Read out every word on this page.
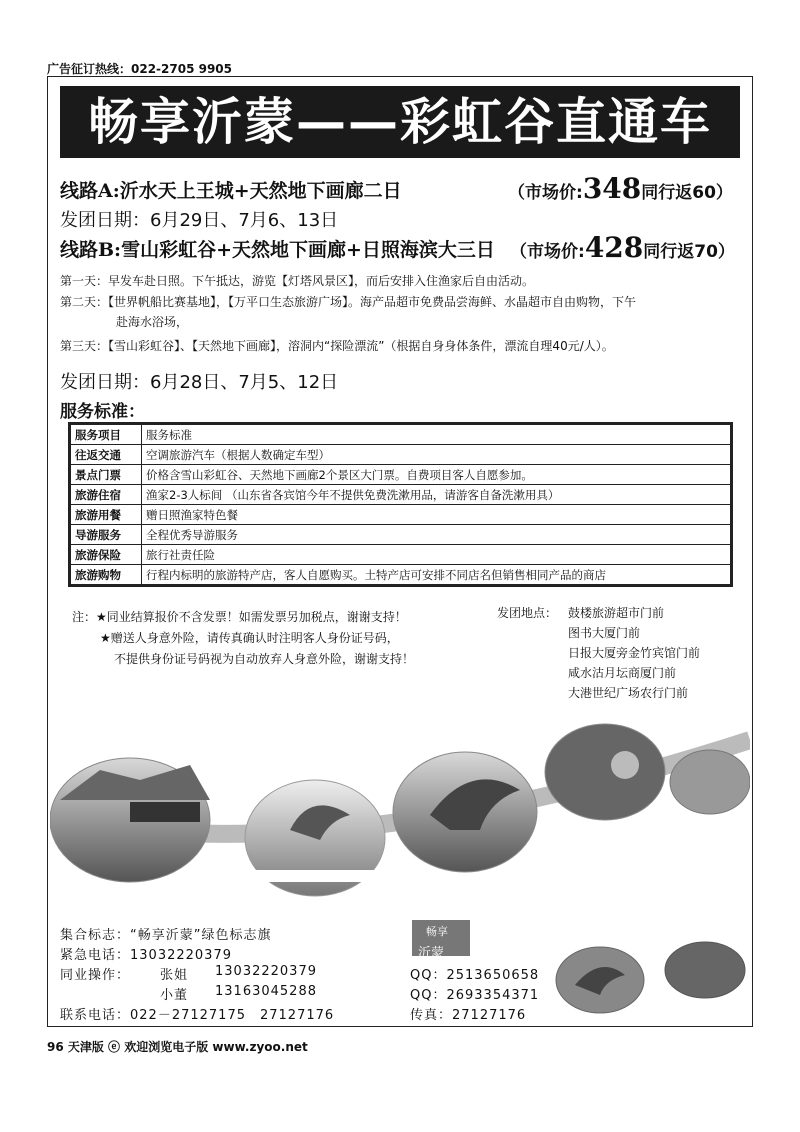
广告征订热线：022-2705 9905
畅享沂蒙——彩虹谷直通车
线路A:沂水天上王城+天然地下画廊二日	（市场价:348同行返60）
发团日期：6月29日、7月6、13日
线路B:雪山彩虹谷+天然地下画廊+日照海滨大三日 （市场价:428同行返70）
第一天：早发车赴日照。下午抵达，游览【灯塔风景区】，而后安排入住渔家后自由活动。
第二天：【世界帆船比赛基地】，【万平口生态旅游广场】。海产品超市免费品尝海鲜、水晶超市自由购物，下午
赴海水浴场，
第三天：【雪山彩虹谷】、【天然地下画廊】，溶洞内“探险漂流”（根据自身身体条件，漂流自理40元/人）。
发团日期：6月28日、7月5、12日
服务标准：
服务项目	服务标准
往返交通	空调旅游汽车（根据人数确定车型）
景点门票	价格含雪山彩虹谷、天然地下画廊2个景区大门票。自费项目客人自愿参加。
旅游住宿	渔家2-3人标间 （山东省各宾馆今年不提供免费洗漱用品，请游客自备洗漱用具）
旅游用餐	赠日照渔家特色餐
导游服务	全程优秀导游服务
旅游保险	旅行社责任险
旅游购物	行程内标明的旅游特产店，客人自愿购买。土特产店可安排不同店名但销售相同产品的商店
注：★同业结算报价不含发票！如需发票另加税点，谢谢支持！
★赠送人身意外险，请传真确认时注明客人身份证号码，
不提供身份证号码视为自动放弃人身意外险，谢谢支持！
发团地点： 鼓楼旅游超市门前
图书大厦门前
日报大厦旁金竹宾馆门前
咸水沽月坛商厦门前
大港世纪广场农行门前
集合标志：“畅享沂蒙”绿色标志旗
紧急电话：13032220379
同业操作： 张姐 13032220379	QQ：2513650658
小董 13163045288	QQ：2693354371
联系电话：022－27127175　27127176	传真：27127176
畅享
沂蒙
96 天津版 ⓔ 欢迎浏览电子版 www.zyoo.net
